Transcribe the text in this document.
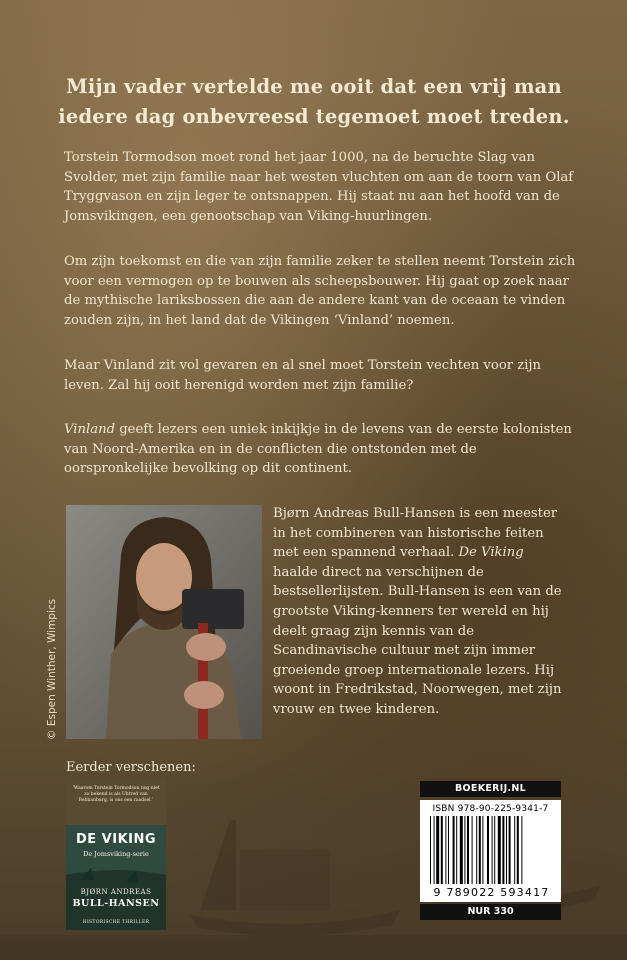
Mijn vader vertelde me ooit dat een vrij man iedere dag onbevreesd tegemoet moet treden.

Torstein Tormodson moet rond het jaar 1000, na de beruchte Slag van Svolder, met zijn familie naar het westen vluchten om aan de toorn van Olaf Tryggvason en zijn leger te ontsnappen. Hij staat nu aan het hoofd van de Jomsvikingen, een genootschap van Viking-huurlingen.

Om zijn toekomst en die van zijn familie zeker te stellen neemt Torstein zich voor een vermogen op te bouwen als scheepsbouwer. Hij gaat op zoek naar de mythische lariksbossen die aan de andere kant van de oceaan te vinden zouden zijn, in het land dat de Vikingen ‘Vinland’ noemen.

Maar Vinland zit vol gevaren en al snel moet Torstein vechten voor zijn leven. Zal hij ooit herenigd worden met zijn familie?

Vinland geeft lezers een uniek inkijkje in de levens van de eerste kolonisten van Noord-Amerika en in de conflicten die ontstonden met de oorspronkelijke bevolking op dit continent.

© Espen Winther, Wimpics

Bjørn Andreas Bull-Hansen is een meester in het combineren van historische feiten met een spannend verhaal. De Viking haalde direct na verschijnen de bestsellerlijsten. Bull-Hansen is een van de grootste Viking-kenners ter wereld en hij deelt graag zijn kennis van de Scandinavische cultuur met zijn immer groeiende groep internationale lezers. Hij woont in Fredrikstad, Noorwegen, met zijn vrouw en twee kinderen.

Eerder verschenen:
‘Waarom Torstein Tormodson nog niet zo bekend is als Uhtred van Bebbanburg, is ons een raadsel.’
DE VIKING
De Jomsviking-serie
BJØRN ANDREAS
BULL-HANSEN
HISTORISCHE THRILLER
BOEKERIJ.NL
ISBN 978-90-225-9341-7
9 789022 593417
NUR 330
